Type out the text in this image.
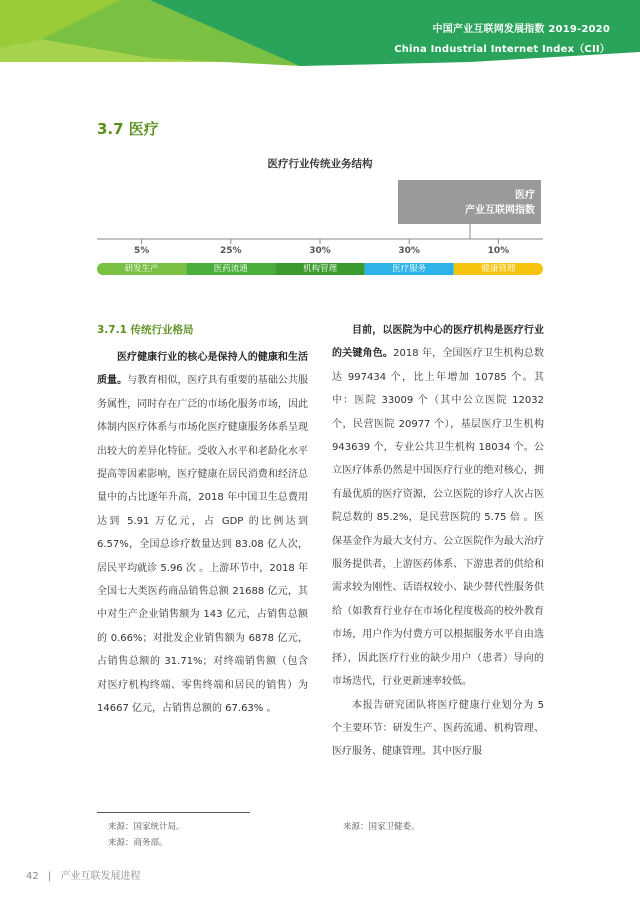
中国产业互联网发展指数 2019-2020
China Industrial Internet Index（CII）
3.7 医疗
医疗行业传统业务结构
医疗
产业互联网指数
5%
研发生产
25%
医药流通
30%
机构管理
30%
医疗服务
10%
健康管理
3.7.1 传统行业格局

医疗健康行业的核心是保持人的健康和生活质量。与教育相似，医疗具有重要的基础公共服务属性，同时存在广泛的市场化服务市场，因此体制内医疗体系与市场化医疗健康服务体系呈现出较大的差异化特征。受收入水平和老龄化水平提高等因素影响，医疗健康在居民消费和经济总量中的占比逐年升高，2018 年中国卫生总费用达到 5.91 万亿元，占 GDP 的比例达到 6.57%，全国总诊疗数量达到 83.08 亿人次，居民平均就诊 5.96 次 。上游环节中，2018 年全国七大类医药商品销售总额 21688 亿元，其中对生产企业销售额为 143 亿元，占销售总额的 0.66%；对批发企业销售额为 6878 亿元，占销售总额的 31.71%；对终端销售额（包含对医疗机构终端、零售终端和居民的销售）为 14667 亿元，占销售总额的 67.63% 。

目前，以医院为中心的医疗机构是医疗行业的关键角色。2018 年，全国医疗卫生机构总数达 997434 个，比上年增加 10785 个。其中：医院 33009 个（其中公立医院 12032 个，民营医院 20977 个），基层医疗卫生机构 943639 个，专业公共卫生机构 18034 个。公立医疗体系仍然是中国医疗行业的绝对核心，拥有最优质的医疗资源，公立医院的诊疗人次占医院总数的 85.2%，是民营医院的 5.75 倍 。医保基金作为最大支付方、公立医院作为最大治疗服务提供者，上游医药体系、下游患者的供给和需求较为刚性、话语权较小、缺少替代性服务供给（如教育行业存在市场化程度极高的校外教育市场，用户作为付费方可以根据服务水平自由选择），因此医疗行业的缺少用户（患者）导向的市场迭代，行业更新速率较低。

本报告研究团队将医疗健康行业划分为 5 个主要环节：研发生产、医药流通、机构管理、医疗服务、健康管理。其中医疗服

来源：国家统计局。
来源：商务部。
来源：国家卫健委。
42 | 产业互联发展进程
